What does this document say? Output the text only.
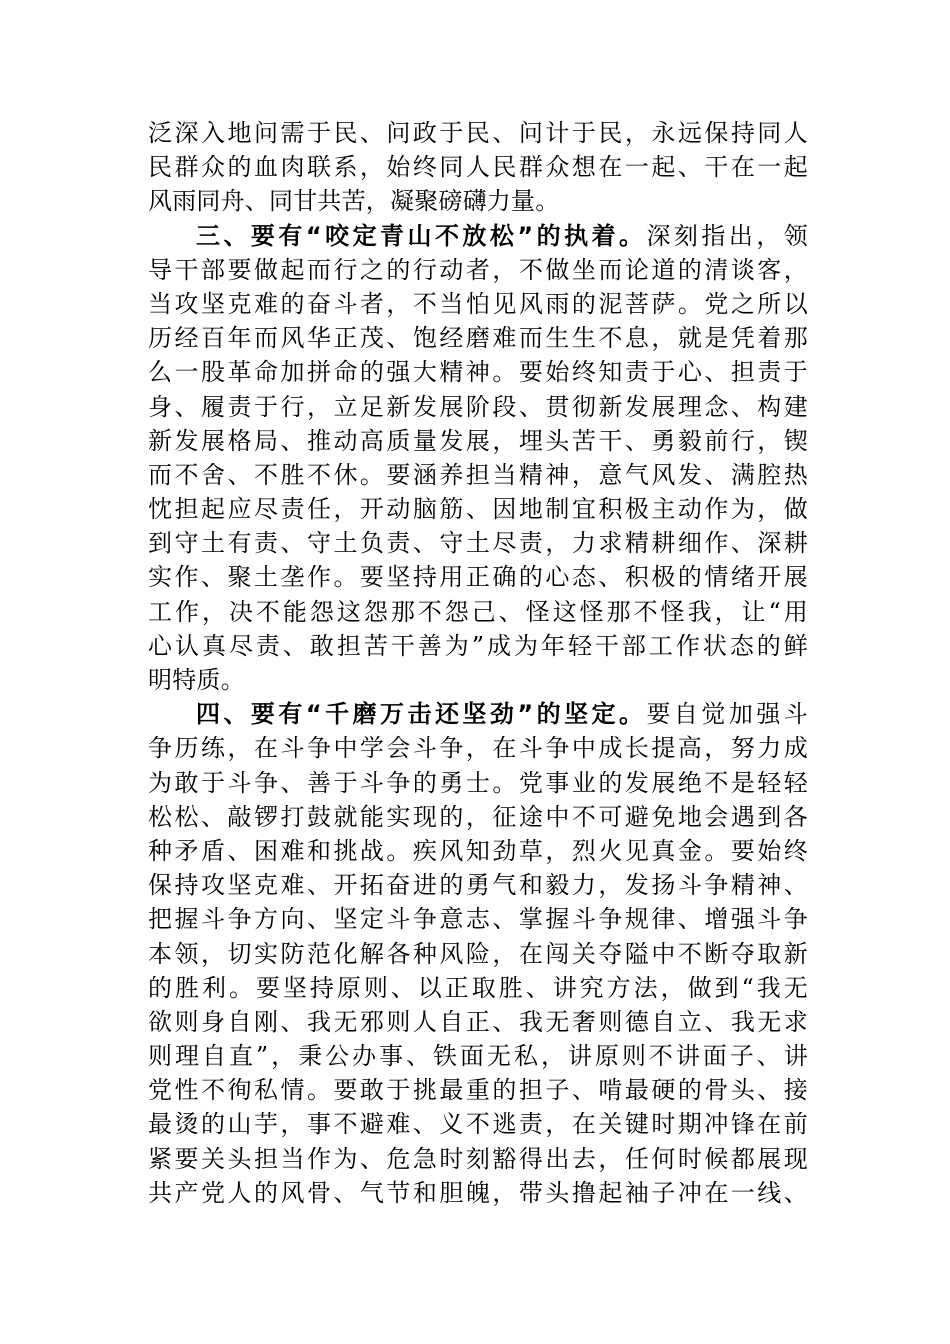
泛深入地问需于民、问政于民、问计于民，永远保持同人
民群众的血肉联系，始终同人民群众想在一起、干在一起
风雨同舟、同甘共苦，凝聚磅礴力量。
三、要有“咬定青山不放松”的执着。深刻指出，领
导干部要做起而行之的行动者，不做坐而论道的清谈客，
当攻坚克难的奋斗者，不当怕见风雨的泥菩萨。党之所以
历经百年而风华正茂、饱经磨难而生生不息，就是凭着那
么一股革命加拼命的强大精神。要始终知责于心、担责于
身、履责于行，立足新发展阶段、贯彻新发展理念、构建
新发展格局、推动高质量发展，埋头苦干、勇毅前行，锲
而不舍、不胜不休。要涵养担当精神，意气风发、满腔热
忱担起应尽责任，开动脑筋、因地制宜积极主动作为，做
到守土有责、守土负责、守土尽责，力求精耕细作、深耕
实作、聚土垄作。要坚持用正确的心态、积极的情绪开展
工作，决不能怨这怨那不怨己、怪这怪那不怪我，让“用
心认真尽责、敢担苦干善为”成为年轻干部工作状态的鲜
明特质。
四、要有“千磨万击还坚劲”的坚定。要自觉加强斗
争历练，在斗争中学会斗争，在斗争中成长提高，努力成
为敢于斗争、善于斗争的勇士。党事业的发展绝不是轻轻
松松、敲锣打鼓就能实现的，征途中不可避免地会遇到各
种矛盾、困难和挑战。疾风知劲草，烈火见真金。要始终
保持攻坚克难、开拓奋进的勇气和毅力，发扬斗争精神、
把握斗争方向、坚定斗争意志、掌握斗争规律、增强斗争
本领，切实防范化解各种风险，在闯关夺隘中不断夺取新
的胜利。要坚持原则、以正取胜、讲究方法，做到“我无
欲则身自刚、我无邪则人自正、我无奢则德自立、我无求
则理自直”，秉公办事、铁面无私，讲原则不讲面子、讲
党性不徇私情。要敢于挑最重的担子、啃最硬的骨头、接
最烫的山芋，事不避难、义不逃责，在关键时期冲锋在前
紧要关头担当作为、危急时刻豁得出去，任何时候都展现
共产党人的风骨、气节和胆魄，带头撸起袖子冲在一线、
